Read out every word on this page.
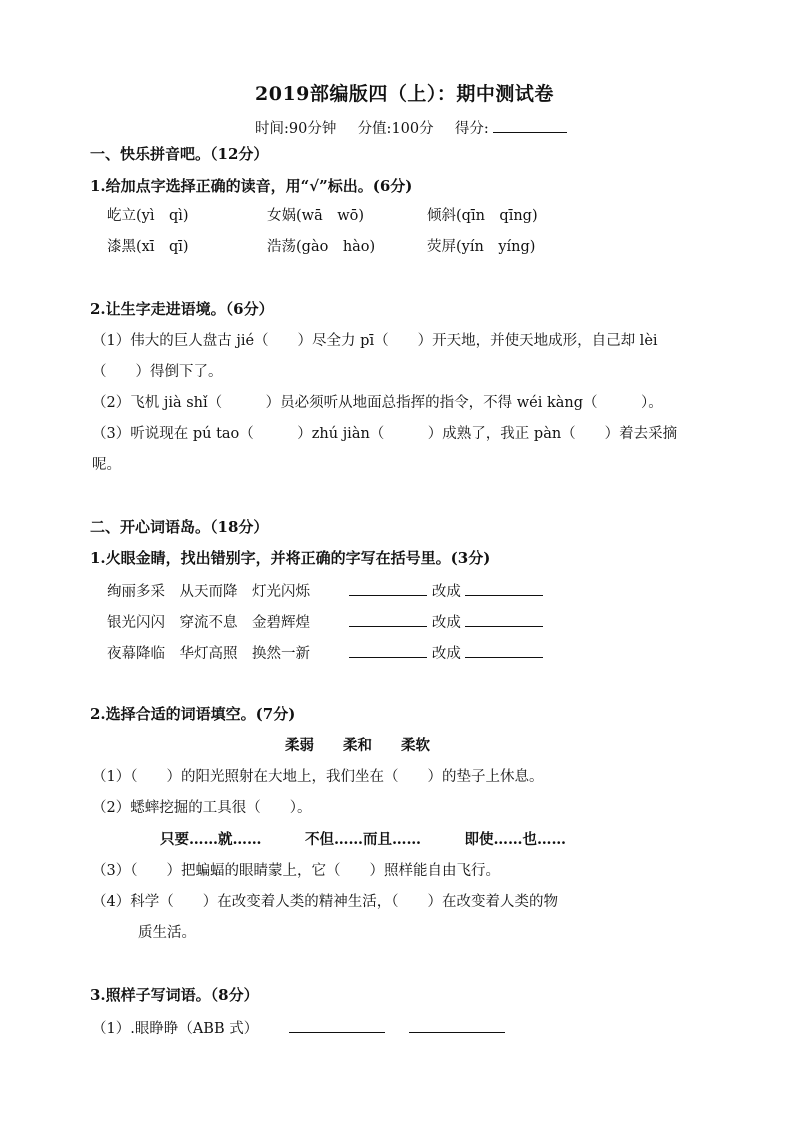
2019部编版四（上）：期中测试卷
时间:90分钟 分值:100分 得分:
一、快乐拼音吧。（12分）
1.给加点字选择正确的读音，用“√”标出。(6分)
屹立(yì　qì)	女娲(wā　wō)	倾斜(qīn　qīng)
漆黑(xī　qī)	浩荡(gào　hào)	荧屏(yín　yíng)
2.让生字走进语境。（6分）
（1）伟大的巨人盘古 jié（　　）尽全力 pī（　　）开天地，并使天地成形，自己却 lèi
（　　）得倒下了。
（2）飞机 jià shǐ（　　　）员必须听从地面总指挥的指令，不得 wéi kàng（　　　）。
（3）听说现在 pú tao（　　　）zhú jiàn（　　　）成熟了，我正 pàn（　　）着去采摘
呢。
二、开心词语岛。（18分）
1.火眼金睛，找出错别字，并将正确的字写在括号里。(3分)
绚丽多采　从天而降　灯光闪烁	改成
银光闪闪　穿流不息　金碧辉煌	改成
夜幕降临　华灯高照　换然一新	改成
2.选择合适的词语填空。(7分)
柔弱　　柔和　　柔软
（1）（　　）的阳光照射在大地上，我们坐在（　　）的垫子上休息。
（2）蟋蟀挖掘的工具很（　　）。
只要……就……　　　不但……而且……　　　即使……也……
（3）（　　）把蝙蝠的眼睛蒙上，它（　　）照样能自由飞行。
（4）科学（　　）在改变着人类的精神生活，（　　）在改变着人类的物
质生活。
3.照样子写词语。（8分）
（1）.眼睁睁（ABB 式）
